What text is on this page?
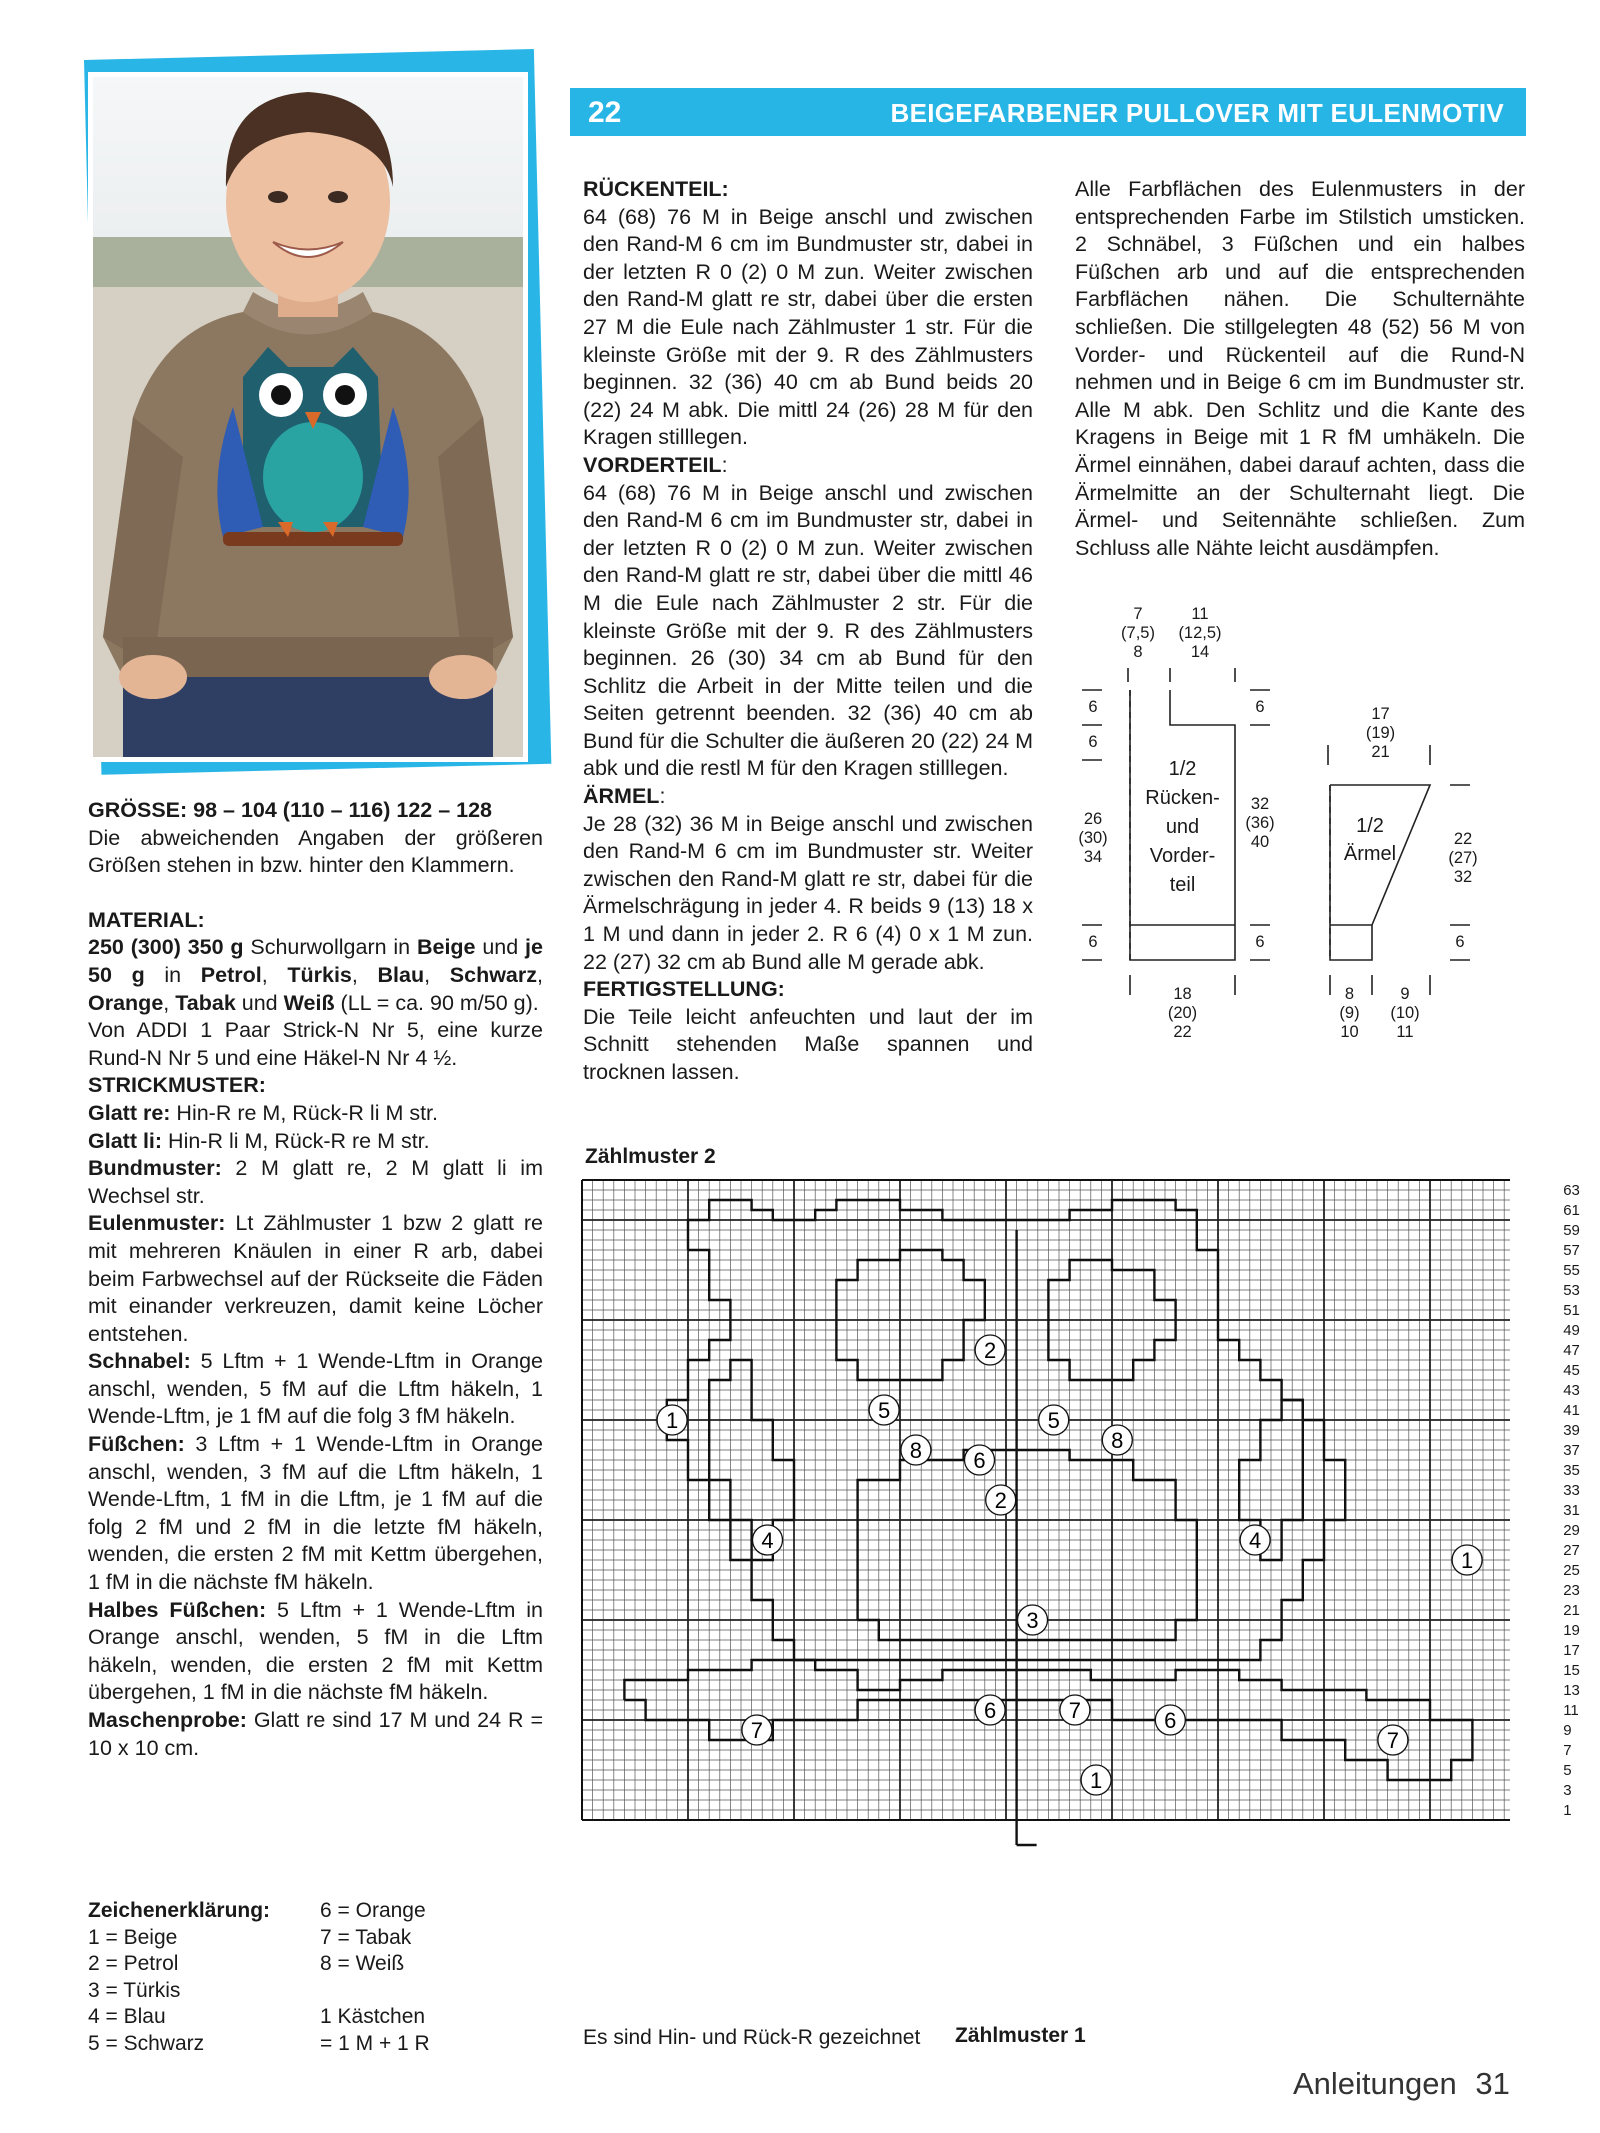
22	BEIGEFARBENER PULLOVER MIT EULENMOTIV

GRÖSSE: 98 – 104 (110 – 116) 122 – 128

Die abweichenden Angaben der größeren Größen stehen in bzw. hinter den Klammern.

MATERIAL:

250 (300) 350 g Schurwollgarn in Beige und je 50 g in Petrol, Türkis, Blau, Schwarz, Orange, Tabak und Weiß (LL = ca. 90 m/50 g).

Von ADDI 1 Paar Strick-N Nr 5, eine kurze Rund-N Nr 5 und eine Häkel-N Nr 4 ½.

STRICKMUSTER:

Glatt re: Hin-R re M, Rück-R li M str.

Glatt li: Hin-R li M, Rück-R re M str.

Bundmuster: 2 M glatt re, 2 M glatt li im Wechsel str.

Eulenmuster: Lt Zählmuster 1 bzw 2 glatt re mit mehreren Knäulen in einer R arb, dabei beim Farbwechsel auf der Rückseite die Fäden mit einander verkreuzen, damit keine Löcher entstehen.

Schnabel: 5 Lftm + 1 Wende-Lftm in Orange anschl, wenden, 5 fM auf die Lftm häkeln, 1 Wende-Lftm, je 1 fM auf die folg 3 fM häkeln.

Füßchen: 3 Lftm + 1 Wende-Lftm in Orange anschl, wenden, 3 fM auf die Lftm häkeln, 1 Wende-Lftm, 1 fM in die Lftm, je 1 fM auf die folg 2 fM und 2 fM in die letzte fM häkeln, wenden, die ersten 2 fM mit Kettm übergehen, 1 fM in die nächste fM häkeln.

Halbes Füßchen: 5 Lftm + 1 Wende-Lftm in Orange anschl, wenden, 5 fM in die Lftm häkeln, wenden, die ersten 2 fM mit Kettm übergehen, 1 fM in die nächste fM häkeln.

Maschenprobe: Glatt re sind 17 M und 24 R = 10 x 10 cm.

RÜCKENTEIL:

64 (68) 76 M in Beige anschl und zwischen den Rand-M 6 cm im Bundmuster str, dabei in der letzten R 0 (2) 0 M zun. Weiter zwischen den Rand-M glatt re str, dabei über die ersten 27 M die Eule nach Zählmuster 1 str. Für die kleinste Größe mit der 9. R des Zählmusters beginnen. 32 (36) 40 cm ab Bund beids 20 (22) 24 M abk. Die mittl 24 (26) 28 M für den Kragen stilllegen.

VORDERTEIL:

64 (68) 76 M in Beige anschl und zwischen den Rand-M 6 cm im Bundmuster str, dabei in der letzten R 0 (2) 0 M zun. Weiter zwischen den Rand-M glatt re str, dabei über die mittl 46 M die Eule nach Zählmuster 2 str. Für die kleinste Größe mit der 9. R des Zählmusters beginnen. 26 (30) 34 cm ab Bund für den Schlitz die Arbeit in der Mitte teilen und die Seiten getrennt beenden. 32 (36) 40 cm ab Bund für die Schulter die äußeren 20 (22) 24 M abk und die restl M für den Kragen stilllegen.

ÄRMEL:

Je 28 (32) 36 M in Beige anschl und zwischen den Rand-M 6 cm im Bundmuster str. Weiter zwischen den Rand-M glatt re str, dabei für die Ärmelschrägung in jeder 4. R beids 9 (13) 18 x 1 M und dann in jeder 2. R 6 (4) 0 x 1 M zun. 22 (27) 32 cm ab Bund alle M gerade abk.

FERTIGSTELLUNG:

Die Teile leicht anfeuchten und laut der im Schnitt stehenden Maße spannen und trocknen lassen.

Alle Farbflächen des Eulenmusters in der entsprechenden Farbe im Stilstich umsticken. 2 Schnäbel, 3 Füßchen und ein halbes Füßchen arb und auf die entsprechenden Farbflächen nähen. Die Schulternähte schließen. Die stillgelegten 48 (52) 56 M von Vorder- und Rückenteil auf die Rund-N nehmen und in Beige 6 cm im Bundmuster str. Alle M abk. Den Schlitz und die Kante des Kragens in Beige mit 1 R fM umhäkeln. Die Ärmel einnähen, dabei darauf achten, dass die Ärmelmitte an der Schulternaht liegt. Die Ärmel- und Seitennähte schließen. Zum Schluss alle Nähte leicht ausdämpfen.

7
(7,5)
8
11
(12,5)
14
6
6
26
(30)
34
6
1/2
Rücken-
und
Vorder-
teil
6
32
(36)
40
6
18
(20)
22
17
(19)
21
1/2
Ärmel
22
(27)
32
6
8
(9)
10
9
(10)
11
Zählmuster 2
2
1	5	5
8 6
8
2
4	4
1
3
6	7	6
7	7
1
63
61
59
57
55
53
51
49
47
45
43
41
39
37
35
33
31
29
27
25
23
21
19
17
15
13
11
9
7
5
3
1
Es sind Hin- und Rück-R gezeichnet Zählmuster 1
Zeichenerklärung:
1 = Beige
2 = Petrol
3 = Türkis
4 = Blau
5 = Schwarz
6 = Orange
7 = Tabak
8 = Weiß
1 Kästchen
= 1 M + 1 R
Anleitungen 31
